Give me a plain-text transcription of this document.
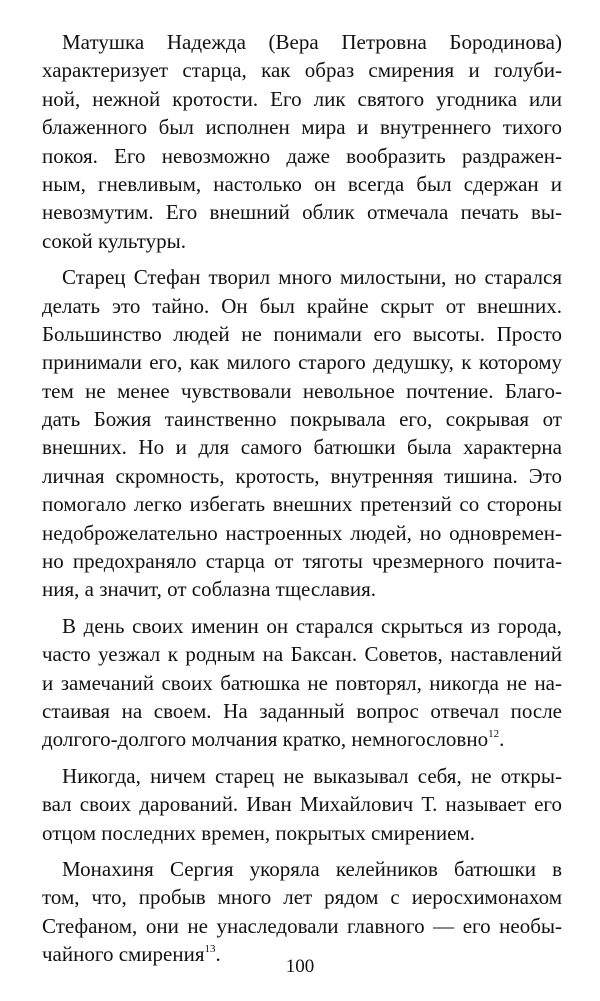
Матушка Надежда (Вера Петровна Бородинова)
характеризует старца, как образ смирения и голуби-
ной, нежной кротости. Его лик святого угодника или
блаженного был исполнен мира и внутреннего тихого
покоя. Его невозможно даже вообразить раздражен-
ным, гневливым, настолько он всегда был сдержан и
невозмутим. Его внешний облик отмечала печать вы-
сокой культуры.
Старец Стефан творил много милостыни, но старался
делать это тайно. Он был крайне скрыт от внешних.
Большинство людей не понимали его высоты. Просто
принимали его, как милого старого дедушку, к которому
тем не менее чувствовали невольное почтение. Благо-
дать Божия таинственно покрывала его, сокрывая от
внешних. Но и для самого батюшки была характерна
личная скромность, кротость, внутренняя тишина. Это
помогало легко избегать внешних претензий со стороны
недоброжелательно настроенных людей, но одновремен-
но предохраняло старца от тяготы чрезмерного почита-
ния, а значит, от соблазна тщеславия.
В день своих именин он старался скрыться из города,
часто уезжал к родным на Баксан. Советов, наставлений
и замечаний своих батюшка не повторял, никогда не на-
стаивая на своем. На заданный вопрос отвечал после
долгого-долгого молчания кратко, немногословно$^{12}$.
Никогда, ничем старец не выказывал себя, не откры-
вал своих дарований. Иван Михайлович Т. называет его
отцом последних времен, покрытых смирением.
Монахиня Сергия укоряла келейников батюшки в
том, что, пробыв много лет рядом с иеросхимонахом
Стефаном, они не унаследовали главного — его необы-
чайного смирения$^{13}$.
100
